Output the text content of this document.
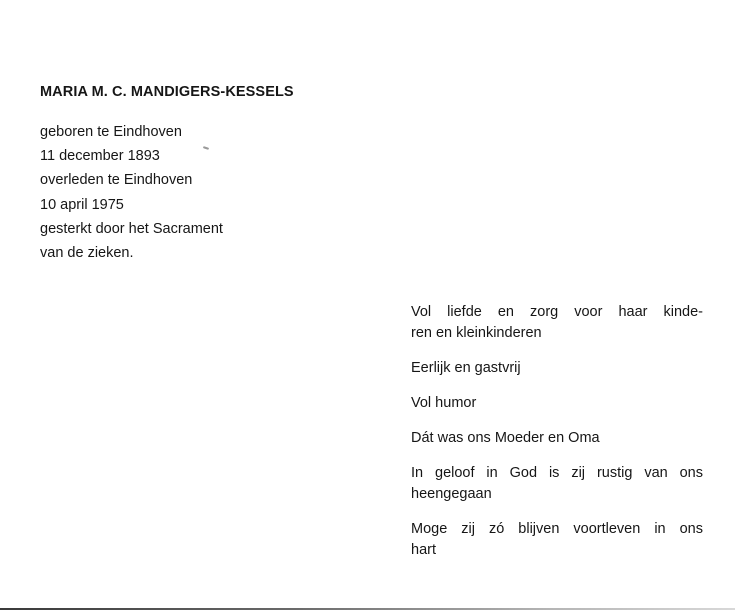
MARIA M. C. MANDIGERS-KESSELS
geboren te Eindhoven
11 december 1893
overleden te Eindhoven
10 april 1975
gesterkt door het Sacrament
van de zieken.

Vol liefde en zorg voor haar kinde-
ren en kleinkinderen

Eerlijk en gastvrij

Vol humor

Dát was ons Moeder en Oma

In geloof in God is zij rustig van ons
heengegaan

Moge zij zó blijven voortleven in ons
hart
